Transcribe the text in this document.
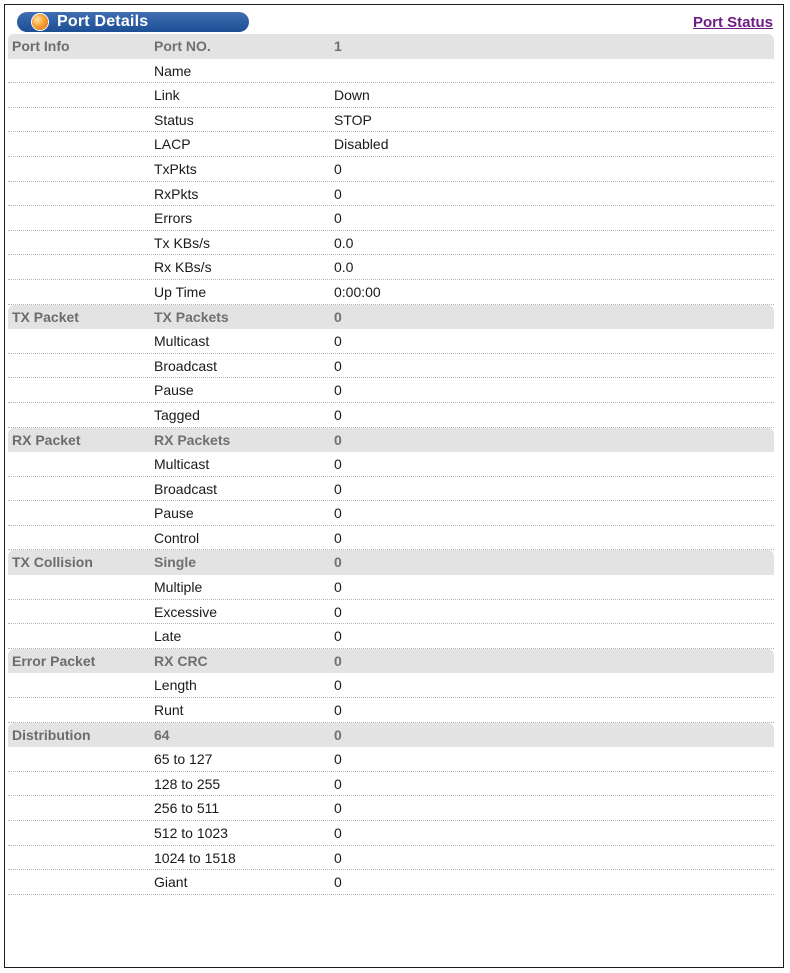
Port Details	Port Status
Port Info	Port NO.	1
Name
Link	Down
Status	STOP
LACP	Disabled
TxPkts	0
RxPkts	0
Errors	0
Tx KBs/s	0.0
Rx KBs/s	0.0
Up Time	0:00:00
TX Packet	TX Packets	0
Multicast	0
Broadcast	0
Pause	0
Tagged	0
RX Packet	RX Packets	0
Multicast	0
Broadcast	0
Pause	0
Control	0
TX Collision	Single	0
Multiple	0
Excessive	0
Late	0
Error Packet	RX CRC	0
Length	0
Runt	0
Distribution	64	0
65 to 127	0
128 to 255	0
256 to 511	0
512 to 1023	0
1024 to 1518	0
Giant	0
